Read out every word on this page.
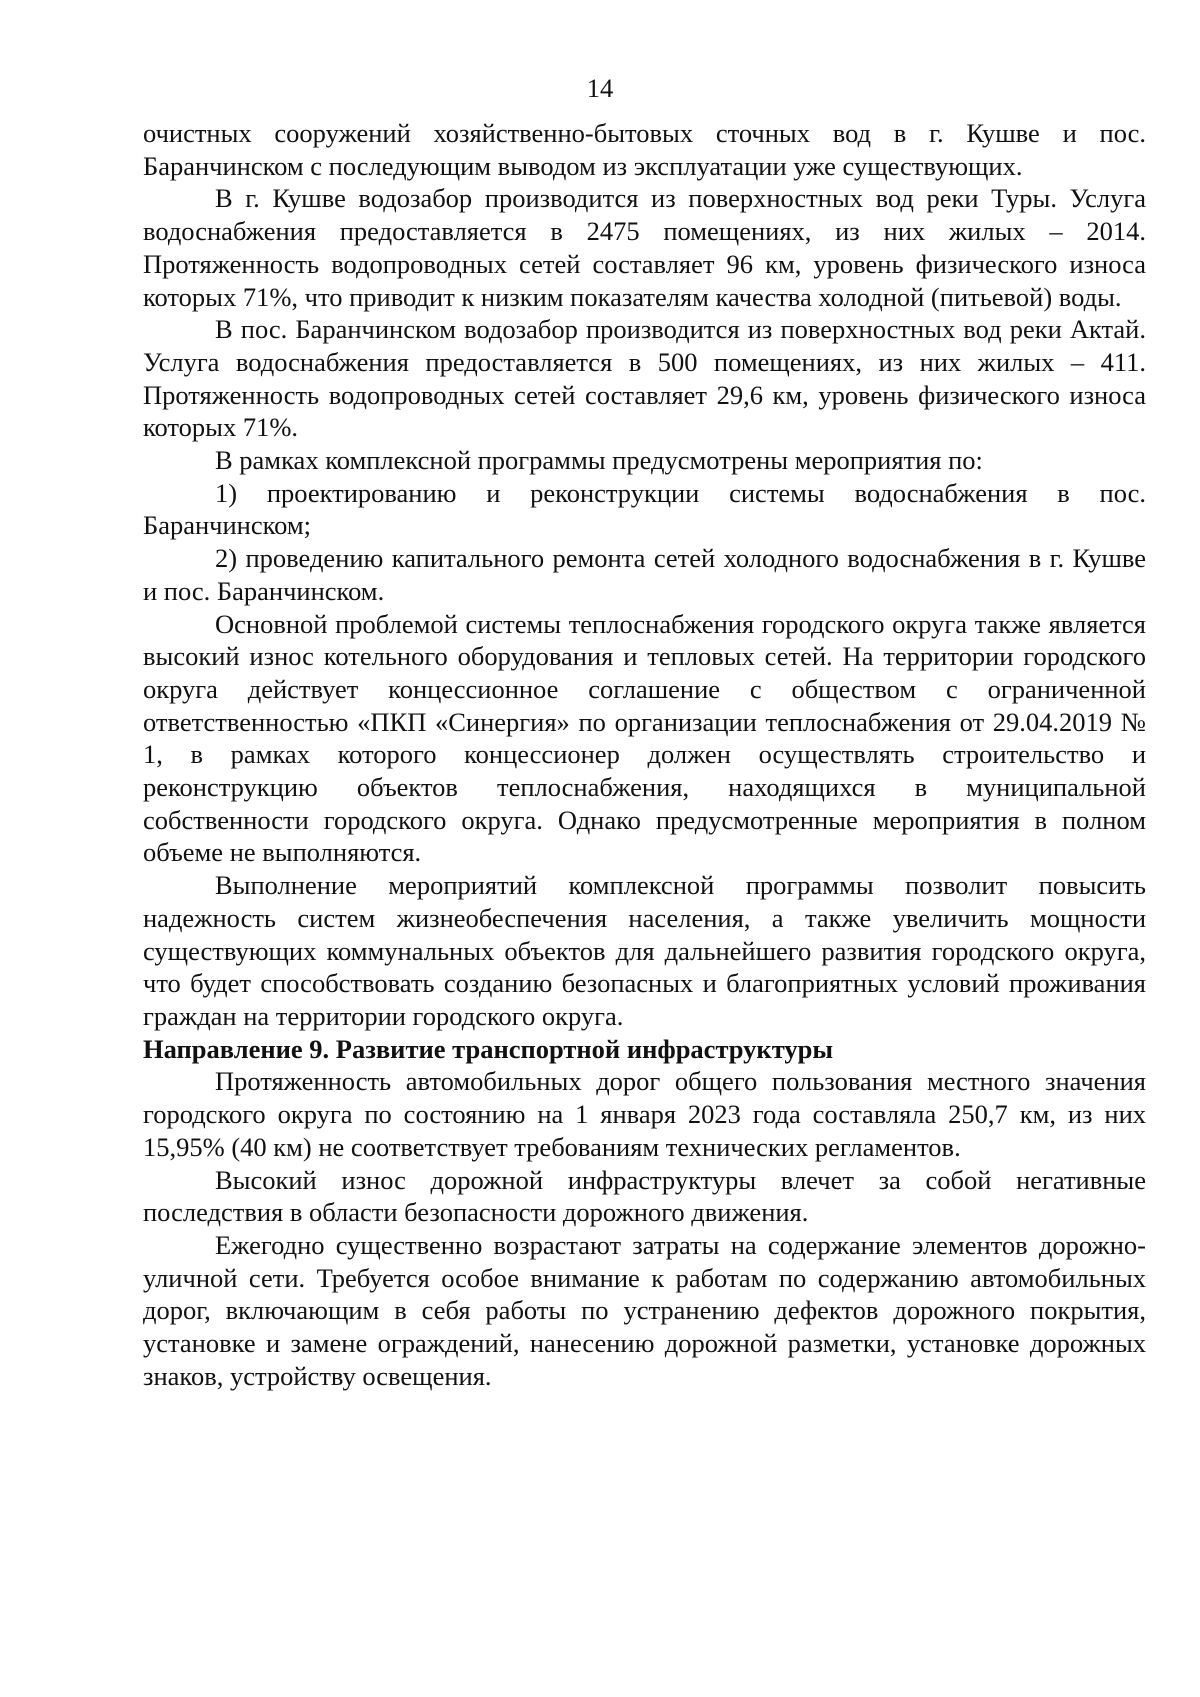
14

очистных сооружений хозяйственно-бытовых сточных вод в г. Кушве и пос. Баранчинском с последующим выводом из эксплуатации уже существующих.

В г. Кушве водозабор производится из поверхностных вод реки Туры. Услуга водоснабжения предоставляется в 2475 помещениях, из них жилых – 2014. Протяженность водопроводных сетей составляет 96 км, уровень физического износа которых 71%, что приводит к низким показателям качества холодной (питьевой) воды.

В пос. Баранчинском водозабор производится из поверхностных вод реки Актай. Услуга водоснабжения предоставляется в 500 помещениях, из них жилых – 411. Протяженность водопроводных сетей составляет 29,6 км, уровень физического износа которых 71%.

В рамках комплексной программы предусмотрены мероприятия по:

1) проектированию и реконструкции системы водоснабжения в пос. Баранчинском;

2) проведению капитального ремонта сетей холодного водоснабжения в г. Кушве и пос. Баранчинском.

Основной проблемой системы теплоснабжения городского округа также является высокий износ котельного оборудования и тепловых сетей. На территории городского округа действует концессионное соглашение с обществом с ограниченной ответственностью «ПКП «Синергия» по организации теплоснабжения от 29.04.2019 № 1, в рамках которого концессионер должен осуществлять строительство и реконструкцию объектов теплоснабжения, находящихся в муниципальной собственности городского округа. Однако предусмотренные мероприятия в полном объеме не выполняются.

Выполнение мероприятий комплексной программы позволит повысить надежность систем жизнеобеспечения населения, а также увеличить мощности существующих коммунальных объектов для дальнейшего развития городского округа, что будет способствовать созданию безопасных и благоприятных условий проживания граждан на территории городского округа.

Направление 9. Развитие транспортной инфраструктуры

Протяженность автомобильных дорог общего пользования местного значения городского округа по состоянию на 1 января 2023 года составляла 250,7 км, из них 15,95% (40 км) не соответствует требованиям технических регламентов.

Высокий износ дорожной инфраструктуры влечет за собой негативные последствия в области безопасности дорожного движения.

Ежегодно существенно возрастают затраты на содержание элементов дорожно-уличной сети. Требуется особое внимание к работам по содержанию автомобильных дорог, включающим в себя работы по устранению дефектов дорожного покрытия, установке и замене ограждений, нанесению дорожной разметки, установке дорожных знаков, устройству освещения.
